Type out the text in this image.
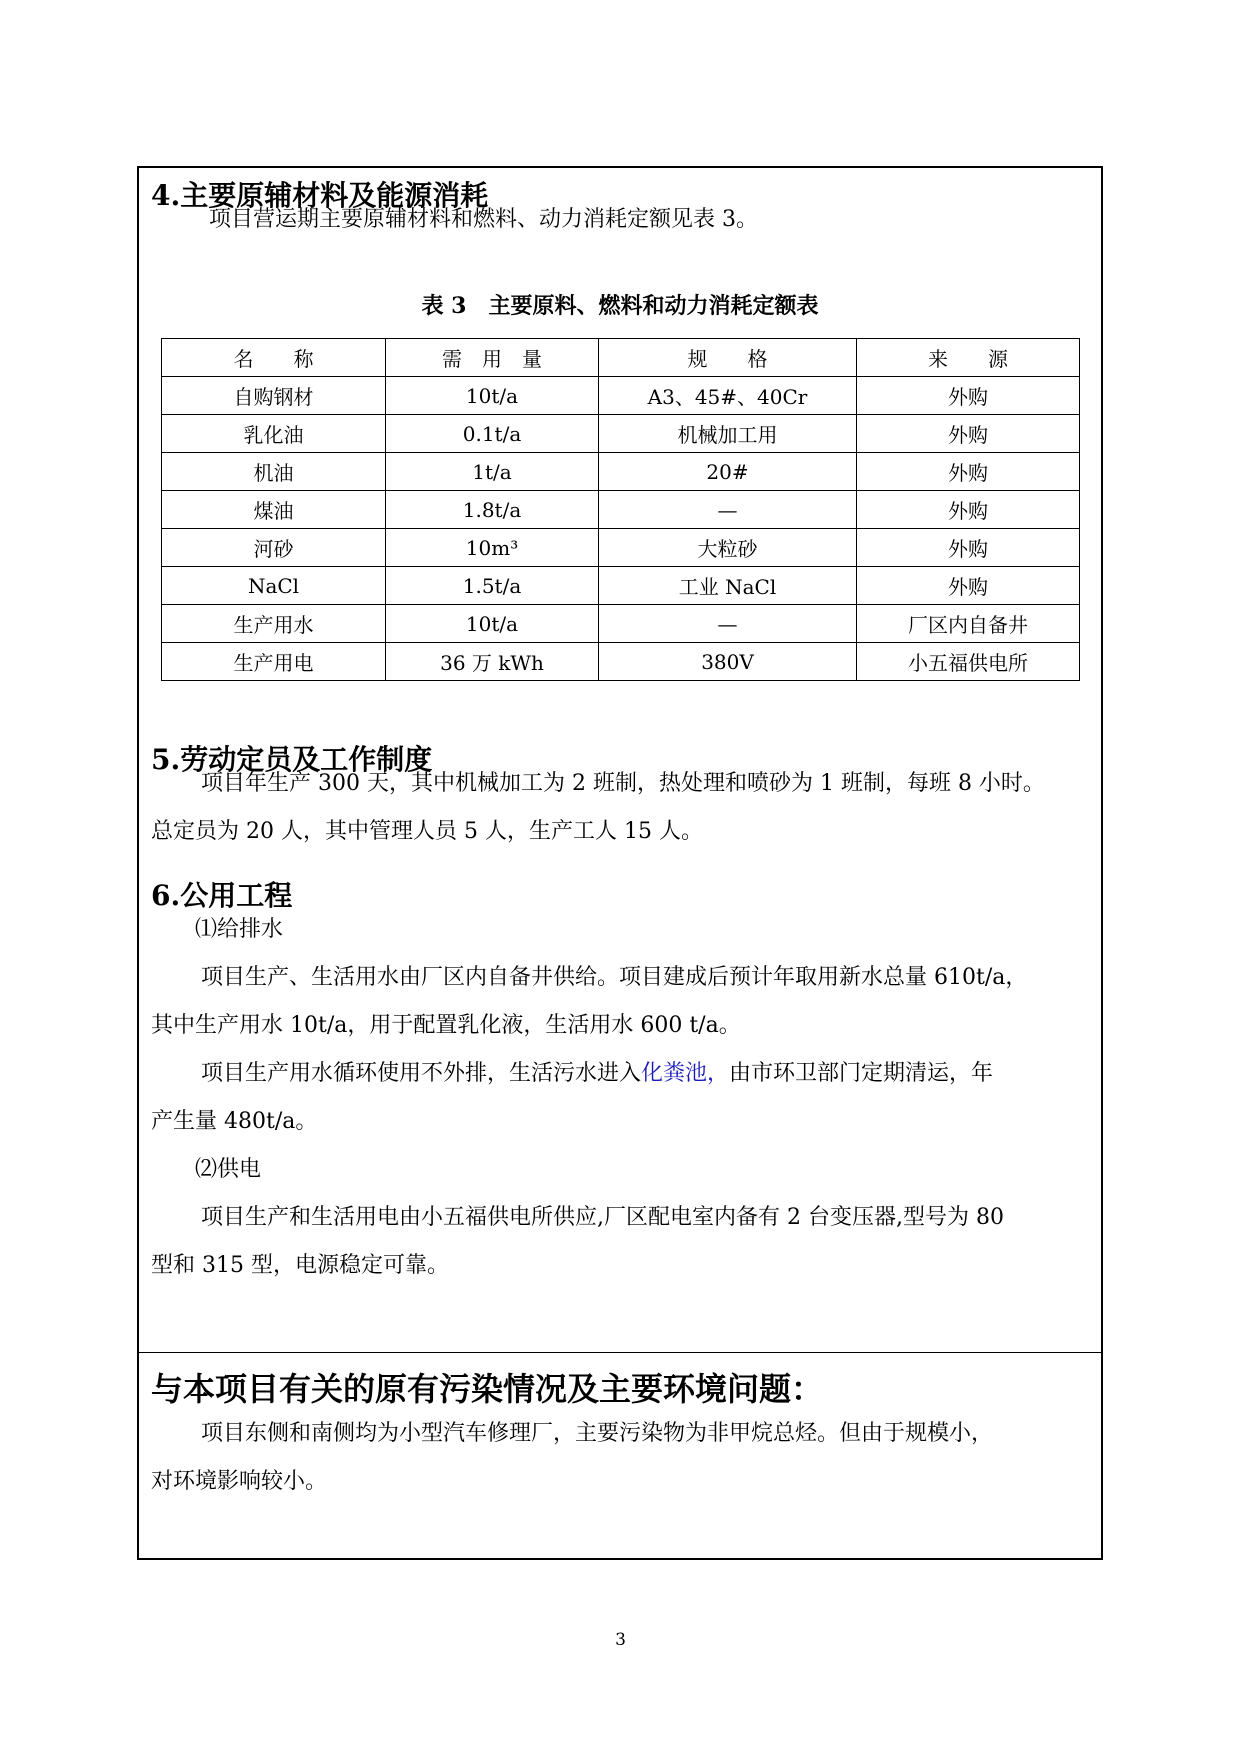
4.主要原辅材料及能源消耗
项目营运期主要原辅材料和燃料、动力消耗定额见表 3。
表 3 主要原料、燃料和动力消耗定额表
名　　称	需　用　量	规　　格	来　　源
自购钢材	10t/a	A3、45#、40Cr	外购
乳化油	0.1t/a	机械加工用	外购
机油	1t/a	20#	外购
煤油	1.8t/a	—	外购
河砂	10m³	大粒砂	外购
NaCl	1.5t/a	工业 NaCl	外购
生产用水	10t/a	—	厂区内自备井
生产用电	36 万 kWh	380V	小五福供电所
5.劳动定员及工作制度
项目年生产 300 天，其中机械加工为 2 班制，热处理和喷砂为 1 班制，每班 8 小时。
总定员为 20 人，其中管理人员 5 人，生产工人 15 人。
6.公用工程
⑴给排水
项目生产、生活用水由厂区内自备井供给。项目建成后预计年取用新水总量 610t/a，
其中生产用水 10t/a，用于配置乳化液，生活用水 600 t/a。
项目生产用水循环使用不外排，生活污水进入化粪池，由市环卫部门定期清运，年
产生量 480t/a。
⑵供电
项目生产和生活用电由小五福供电所供应,厂区配电室内备有 2 台变压器,型号为 80
型和 315 型，电源稳定可靠。
与本项目有关的原有污染情况及主要环境问题：
项目东侧和南侧均为小型汽车修理厂，主要污染物为非甲烷总烃。但由于规模小，
对环境影响较小。
3
